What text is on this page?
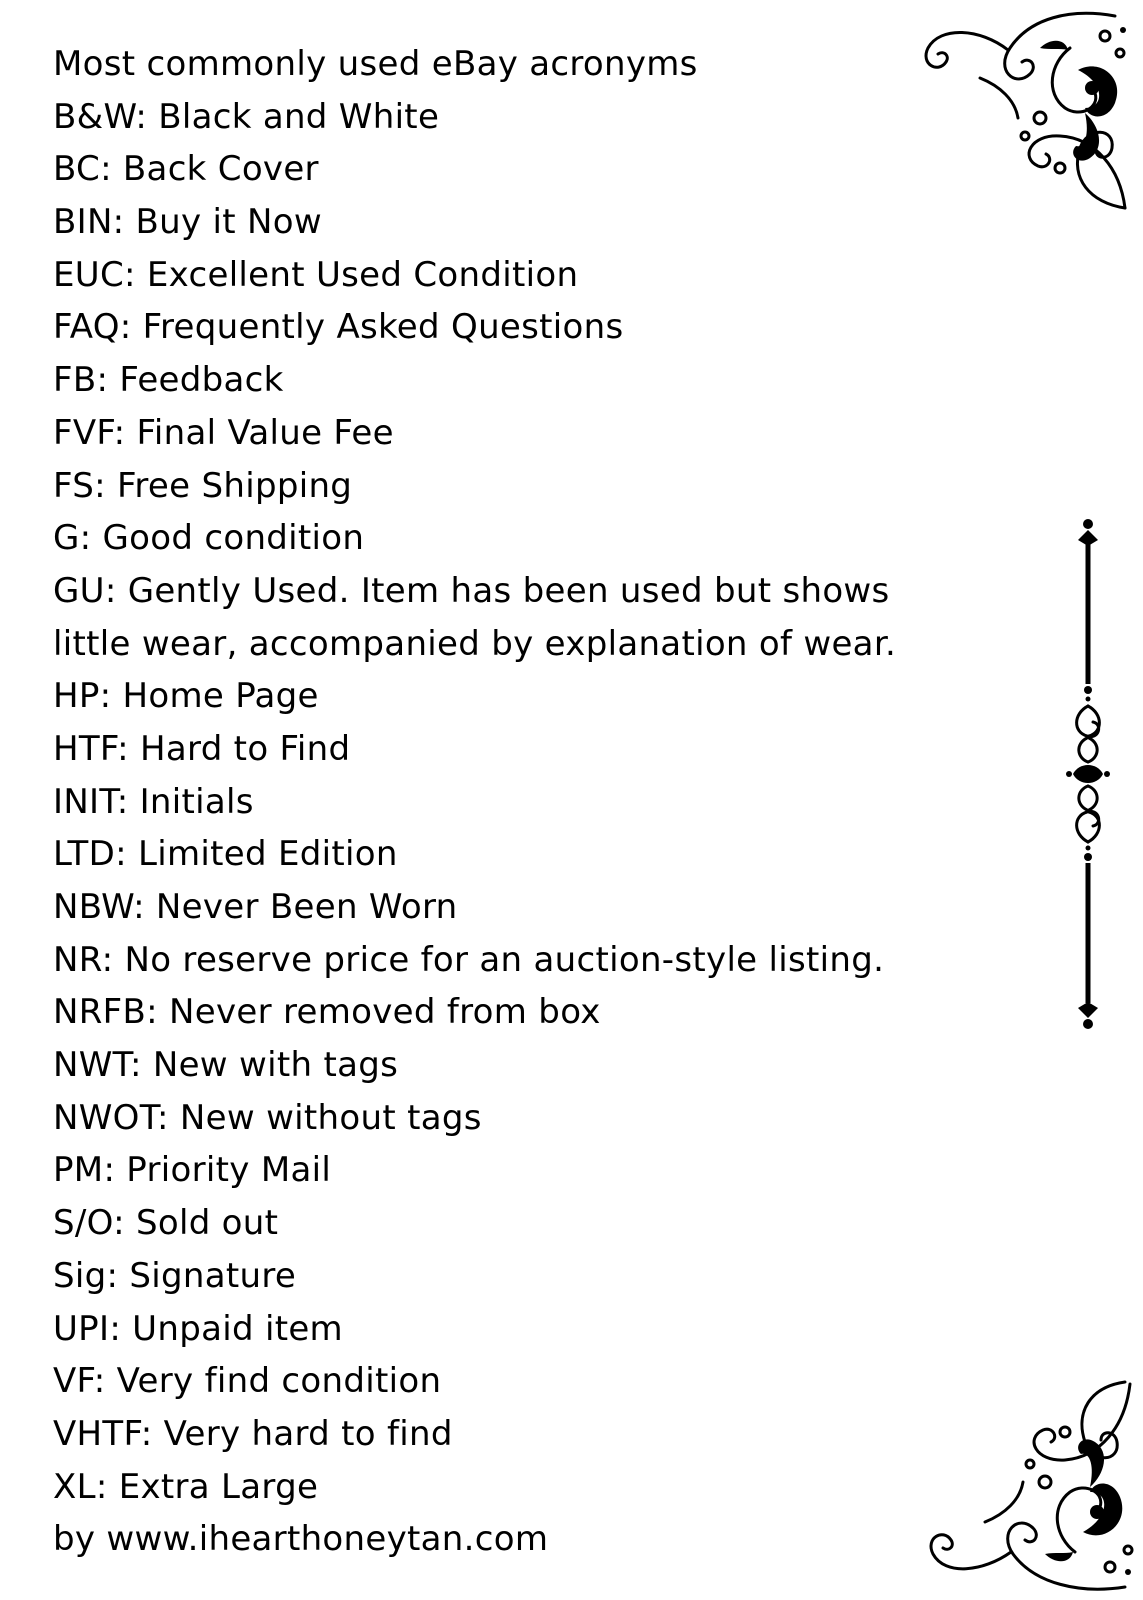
Most commonly used eBay acronyms
B&W: Black and White
BC: Back Cover
BIN: Buy it Now
EUC: Excellent Used Condition
FAQ: Frequently Asked Questions
FB: Feedback
FVF: Final Value Fee
FS: Free Shipping
G: Good condition
GU: Gently Used. Item has been used but shows
little wear, accompanied by explanation of wear.
HP: Home Page
HTF: Hard to Find
INIT: Initials
LTD: Limited Edition
NBW: Never Been Worn
NR: No reserve price for an auction-style listing.
NRFB: Never removed from box
NWT: New with tags
NWOT: New without tags
PM: Priority Mail
S/O: Sold out
Sig: Signature
UPI: Unpaid item
VF: Very find condition
VHTF: Very hard to find
XL: Extra Large
by www.ihearthoneytan.com
